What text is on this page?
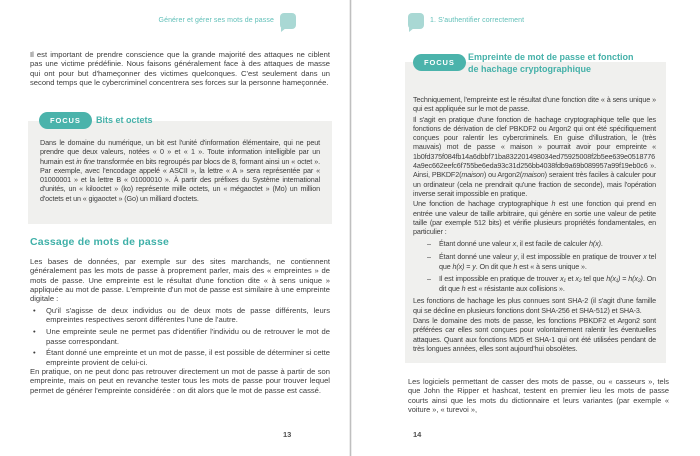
Générer et gérer ses mots de passe
Il est important de prendre conscience que la grande majorité des attaques ne ciblent pas une victime prédéfinie. Nous faisons généralement face à des attaques de masse qui ont pour but d'hameçonner des victimes quelconques. C'est seulement dans un second temps que le cybercriminel concentrera ses forces sur la personne hameçonnée.
FOCUS	Bits et octets
Dans le domaine du numérique, un bit est l'unité d'information élémentaire, qui ne peut prendre que deux valeurs, notées « 0 » et « 1 ». Toute information intelligible par un humain est in fine transformée en bits regroupés par blocs de 8, formant ainsi un « octet ». Par exemple, avec l'encodage appelé « ASCII », la lettre « A » sera représentée par « 01000001 » et la lettre B « 01000010 ». À partir des préfixes du Système international d'unités, un « kilooctet » (ko) représente mille octets, un « mégaoctet » (Mo) un million d'octets et un « gigaoctet » (Go) un milliard d'octets.
Cassage de mots de passe
Les bases de données, par exemple sur des sites marchands, ne contiennent généralement pas les mots de passe à proprement parler, mais des « empreintes » de mots de passe. Une empreinte est le résultat d'une fonction dite « à sens unique » appliquée au mot de passe. L'empreinte d'un mot de passe est similaire à une empreinte digitale :
•	Qu'il s'agisse de deux individus ou de deux mots de passe différents, leurs empreintes respectives seront différentes l'une de l'autre.
•	Une empreinte seule ne permet pas d'identifier l'individu ou de retrouver le mot de passe correspondant.
•	Étant donné une empreinte et un mot de passe, il est possible de déterminer si cette empreinte provient de celui-ci.
En pratique, on ne peut donc pas retrouver directement un mot de passe à partir de son empreinte, mais on peut en revanche tester tous les mots de passe pour trouver lequel permet de générer l'empreinte considérée : on dit alors que le mot de passe est cassé.
13
1. S'authentifier correctement
FOCUS	Empreinte de mot de passe et fonction
de hachage cryptographique

Techniquement, l'empreinte est le résultat d'une fonction dite « à sens unique » qui est appliquée sur le mot de passe.

Il s'agit en pratique d'une fonction de hachage cryptographique telle que les fonctions de dérivation de clef PBKDF2 ou Argon2 qui ont été spécifiquement conçues pour ralentir les cybercriminels. En guise d'illustration, le (très mauvais) mot de passe « maison » pourrait avoir pour empreinte « 1b0fd375f084fb14a6dbbf71ba832201498034ed75925008f2b5ee639e05187764a9ec662eefc6f755be6eda93c31d256bb4038fdb9a69b089957a99f19eb0c6 ». Ainsi, PBKDF2(maison) ou Argon2(maison) seraient très faciles à calculer pour un ordinateur (cela ne prendrait qu'une fraction de seconde), mais l'opération inverse serait impossible en pratique.

Une fonction de hachage cryptographique h est une fonction qui prend en entrée une valeur de taille arbitraire, qui génère en sortie une valeur de petite taille (par exemple 512 bits) et vérifie plusieurs propriétés fondamentales, en particulier :

–	Étant donné une valeur x, il est facile de calculer h(x).
–	Étant donné une valeur y, il est impossible en pratique de trouver x tel que h(x) = y. On dit que h est « à sens unique ».
–	Il est impossible en pratique de trouver x₁ et x₂ tel que h(x₁) = h(x₂). On dit que h est « résistante aux collisions ».

Les fonctions de hachage les plus connues sont SHA-2 (il s'agit d'une famille qui se décline en plusieurs fonctions dont SHA-256 et SHA-512) et SHA-3.

Dans le domaine des mots de passe, les fonctions PBKDF2 et Argon2 sont préférées car elles sont conçues pour volontairement ralentir les éventuelles attaques. Quant aux fonctions MD5 et SHA-1 qui ont été utilisées pendant de très longues années, elles sont aujourd'hui obsolètes.

Les logiciels permettant de casser des mots de passe, ou « casseurs », tels que John the Ripper et hashcat, testent en premier lieu les mots de passe courts ainsi que les mots du dictionnaire et leurs variantes (par exemple « voiture », « turevoi »,
14
